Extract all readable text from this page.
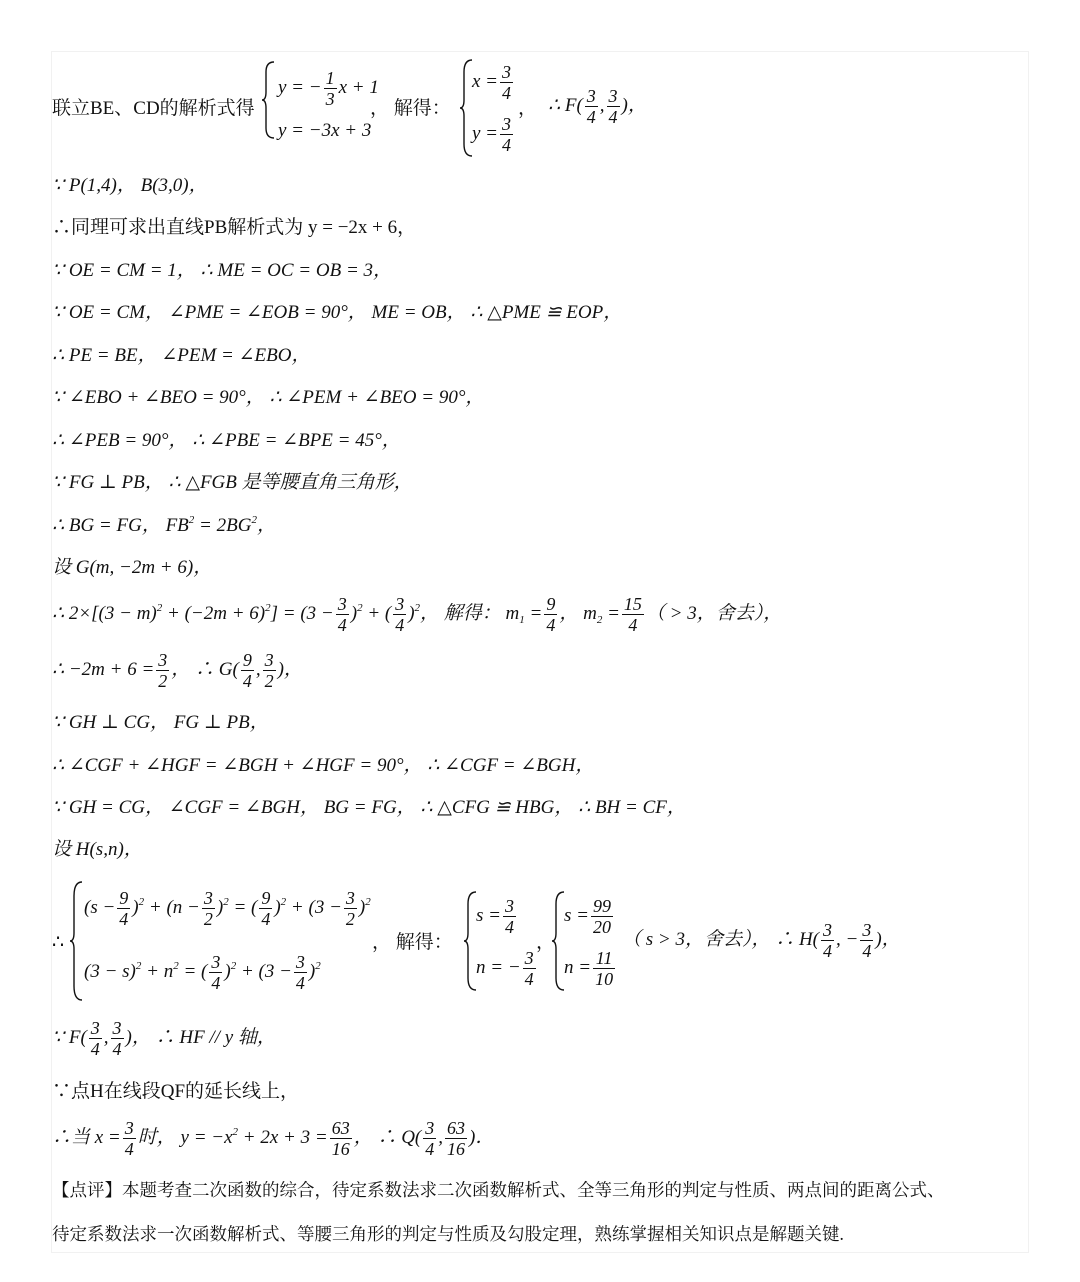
联立BE、CD的解析式得
y = − $\frac{1}{3}$ x + 1
y = −3x + 3
， 解得：
$x = \frac{3}{4}$
$y = \frac{3}{4}$
， ∴ $F( \frac{3}{4}$ , $\frac{3}{4}$ )，
∵ P(1,4)， B(3,0)，
∴同理可求出直线PB解析式为 y = −2x + 6，
∵ OE = CM = 1， ∴ ME = OC = OB = 3，
∵ OE = CM， ∠PME = ∠EOB = 90°， ME = OB， ∴ △PME ≌ EOP，
∴ PE = BE， ∠PEM = ∠EBO，
∵ ∠EBO + ∠BEO = 90°， ∴ ∠PEM + ∠BEO = 90°，
∴ ∠PEB = 90°， ∴ ∠PBE = ∠BPE = 45°，
∵ FG ⊥ PB， ∴ △FGB 是等腰直角三角形，
∴ BG = FG， $FB^2 = 2BG^2$，
设 G(m, −2m + 6)，
∴ $2\times[(3 - m)^2 + (-2m + 6)^2] = (3 - \frac{3}{4} )^2$ + ( $\frac{3}{4} )^2$， 解得： $m_1 = \frac{9}{4}$ ， $m_2 = \frac{15}{4}$ （ > 3，舍去），
∴ $-2m + 6 = \frac{3}{2}$ ， ∴ $G( \frac{9}{4}$ , $\frac{3}{2}$ )，
∵ GH ⊥ CG， FG ⊥ PB，
∴ ∠CGF + ∠HGF = ∠BGH + ∠HGF = 90°， ∴ ∠CGF = ∠BGH，
∵ GH = CG， ∠CGF = ∠BGH， BG = FG， ∴ △CFG ≌ HBG， ∴ BH = CF，
设 H(s,n)，
∴
$(s - \frac{9}{4} )^2 + (n - \frac{3}{2} )^2$ = ( $\frac{9}{4} )^2 + (3 - \frac{3}{2} )^2$
$(3 - s)^2 + n^2$ = ( $\frac{3}{4} )^2 + (3 - \frac{3}{4} )^2$
， 解得：
$s = \frac{3}{4}$
n = − $\frac{3}{4}$
，
$s = \frac{99}{20}$
$n = \frac{11}{10}$
（ s > 3，舍去）， ∴ $H( \frac{3}{4}$ , − $\frac{3}{4}$ )，
∵ $F( \frac{3}{4}$ , $\frac{3}{4}$ )， ∴ HF // y 轴，
∵点H在线段QF的延长线上，
∴当 $x = \frac{3}{4}$ 时， $y = -x^2 + 2x + 3 = \frac{63}{16}$ ， ∴ $Q( \frac{3}{4}$ , $\frac{63}{16}$ )．
【点评】本题考查二次函数的综合，待定系数法求二次函数解析式、全等三角形的判定与性质、两点间的距离公式、
待定系数法求一次函数解析式、等腰三角形的判定与性质及勾股定理，熟练掌握相关知识点是解题关键.
